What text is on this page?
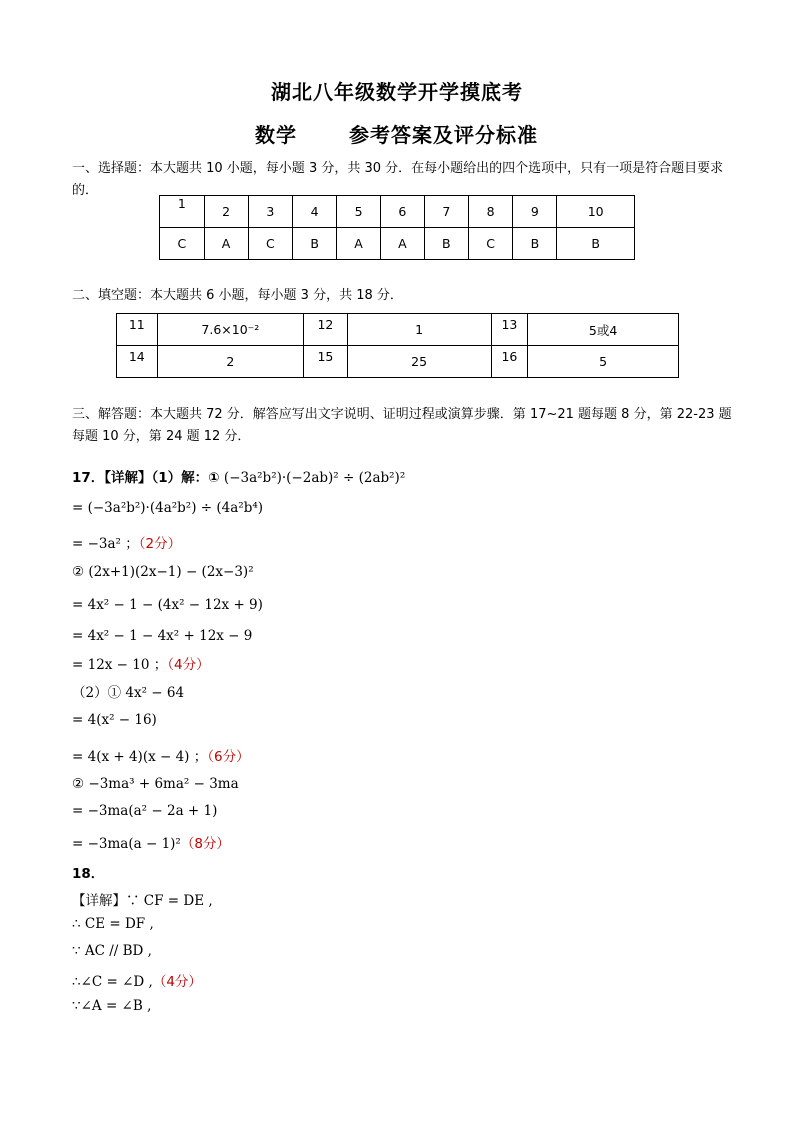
湖北八年级数学开学摸底考
数学	参考答案及评分标准
一、选择题：本大题共 10 小题，每小题 3 分，共 30 分．在每小题给出的四个选项中，只有一项是符合题目要求的．
1	2	3	4	5	6	7	8	9	10
C	A	C	B	A	A	B	C	B	B
二、填空题：本大题共 6 小题，每小题 3 分，共 18 分．
11	7.6×10⁻²	12	1	13	5或4
14	2	15	25	16	5
三、解答题：本大题共 72 分．解答应写出文字说明、证明过程或演算步骤．第 17~21 题每题 8 分，第 22-23 题每题 10 分，第 24 题 12 分．
17．【详解】（1）解：① (−3a²b²)·(−2ab)² ÷ (2ab²)²
= (−3a²b²)·(4a²b²) ÷ (4a²b⁴)
= −3a² ；（2分）
② (2x+1)(2x−1) − (2x−3)²
= 4x² − 1 − (4x² − 12x + 9)
= 4x² − 1 − 4x² + 12x − 9
= 12x − 10 ；（4分）
（2）① 4x² − 64
= 4(x² − 16)
= 4(x + 4)(x − 4) ；（6分）
② −3ma³ + 6ma² − 3ma
= −3ma(a² − 2a + 1)
= −3ma(a − 1)²（8分）
18．
【详解】∵ CF = DE ,
∴ CE = DF ,
∵ AC // BD ,
∴∠C = ∠D ,（4分）
∵∠A = ∠B ,
